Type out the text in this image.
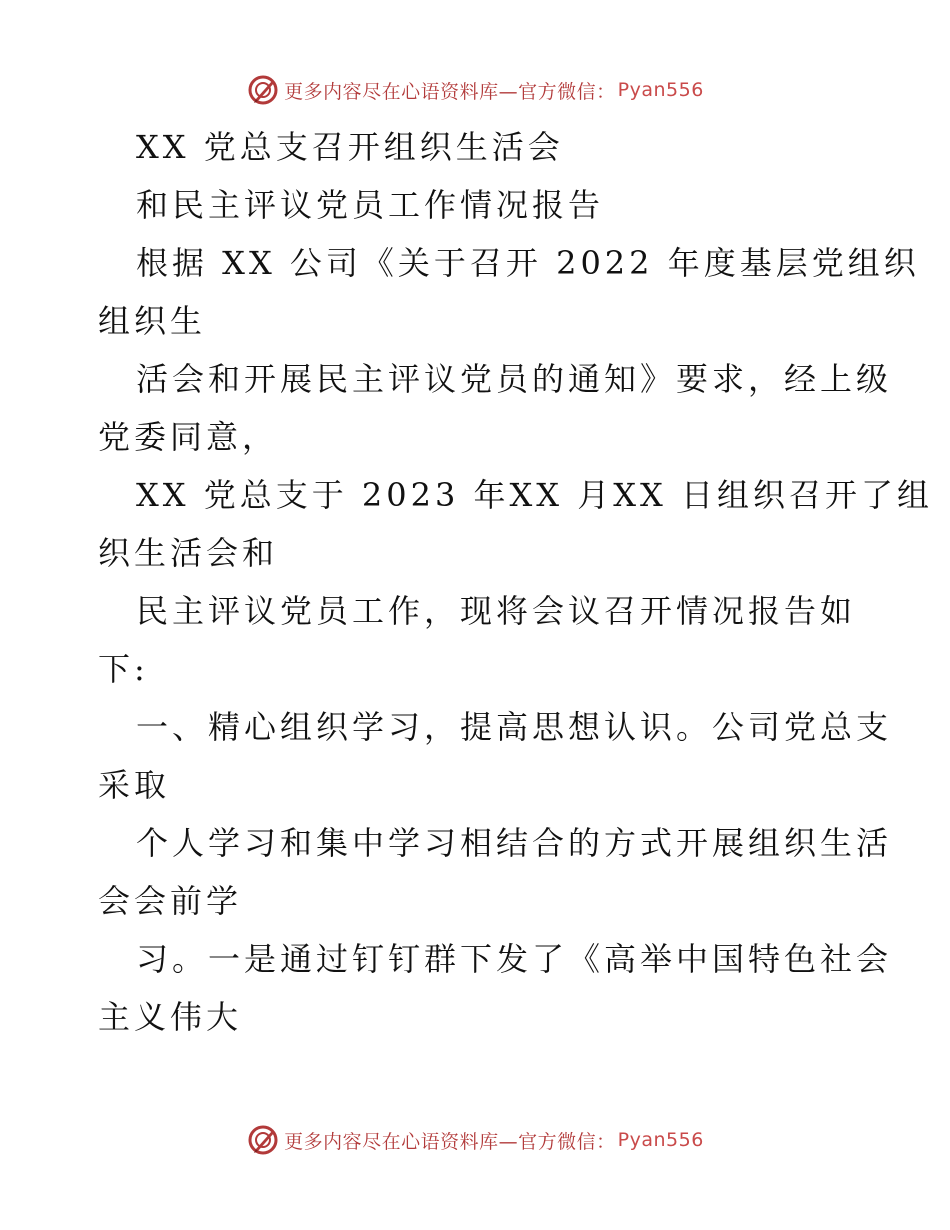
更多内容尽在心语资料库—官方微信： Pyan556
XX 党总支召开组织生活会
和民主评议党员工作情况报告
根据 XX 公司《关于召开 2022 年度基层党组织
组织生
活会和开展民主评议党员的通知》要求，经上级
党委同意，
XX 党总支于 2023 年XX 月XX 日组织召开了组
织生活会和
民主评议党员工作，现将会议召开情况报告如
下:
一、精心组织学习，提高思想认识。公司党总支
采取
个人学习和集中学习相结合的方式开展组织生活
会会前学
习。一是通过钉钉群下发了《高举中国特色社会
主义伟大
更多内容尽在心语资料库—官方微信： Pyan556
